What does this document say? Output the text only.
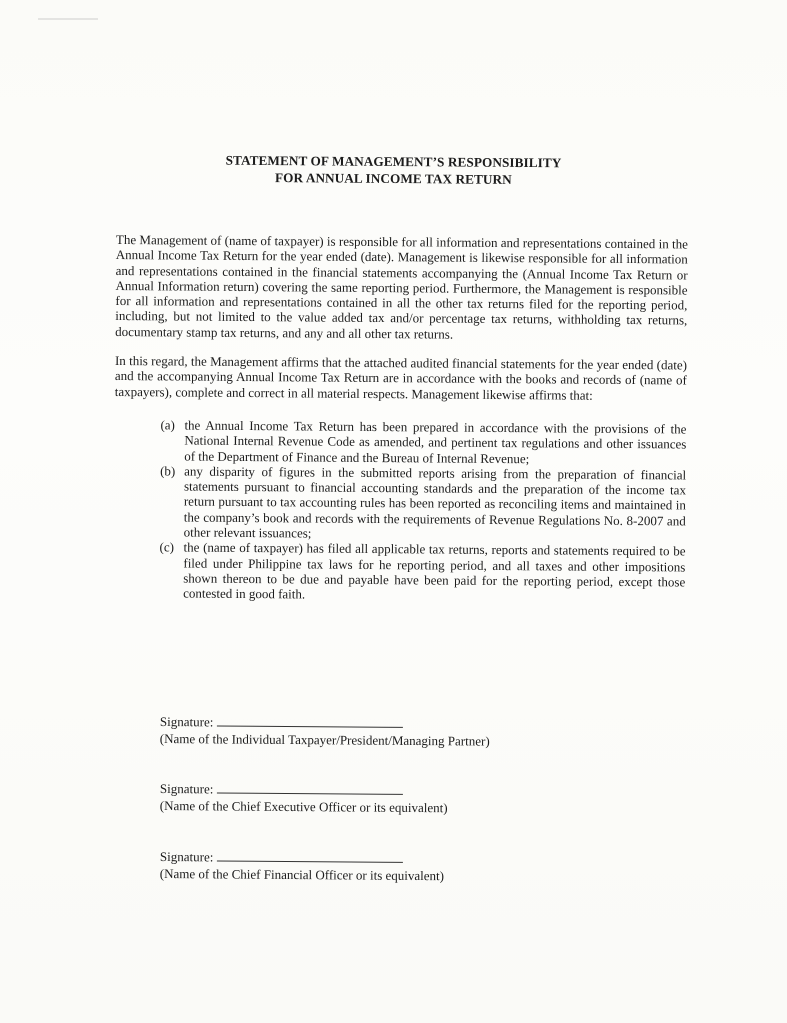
STATEMENT OF MANAGEMENT’S RESPONSIBILITY
FOR ANNUAL INCOME TAX RETURN

The Management of (name of taxpayer) is responsible for all information and representations contained in the Annual Income Tax Return for the year ended (date). Management is likewise responsible for all information and representations contained in the financial statements accompanying the (Annual Income Tax Return or Annual Information return) covering the same reporting period. Furthermore, the Management is responsible for all information and representations contained in all the other tax returns filed for the reporting period, including, but not limited to the value added tax and/or percentage tax returns, withholding tax returns, documentary stamp tax returns, and any and all other tax returns.

In this regard, the Management affirms that the attached audited financial statements for the year ended (date) and the accompanying Annual Income Tax Return are in accordance with the books and records of (name of taxpayers), complete and correct in all material respects. Management likewise affirms that:

(a) the Annual Income Tax Return has been prepared in accordance with the provisions of the National Internal Revenue Code as amended, and pertinent tax regulations and other issuances of the Department of Finance and the Bureau of Internal Revenue;
(b) any disparity of figures in the submitted reports arising from the preparation of financial statements pursuant to financial accounting standards and the preparation of the income tax return pursuant to tax accounting rules has been reported as reconciling items and maintained in the company’s book and records with the requirements of Revenue Regulations No. 8-2007 and other relevant issuances;
(c) the (name of taxpayer) has filed all applicable tax returns, reports and statements required to be filed under Philippine tax laws for he reporting period, and all taxes and other impositions shown thereon to be due and payable have been paid for the reporting period, except those contested in good faith.
Signature:
(Name of the Individual Taxpayer/President/Managing Partner)
Signature:
(Name of the Chief Executive Officer or its equivalent)
Signature:
(Name of the Chief Financial Officer or its equivalent)
